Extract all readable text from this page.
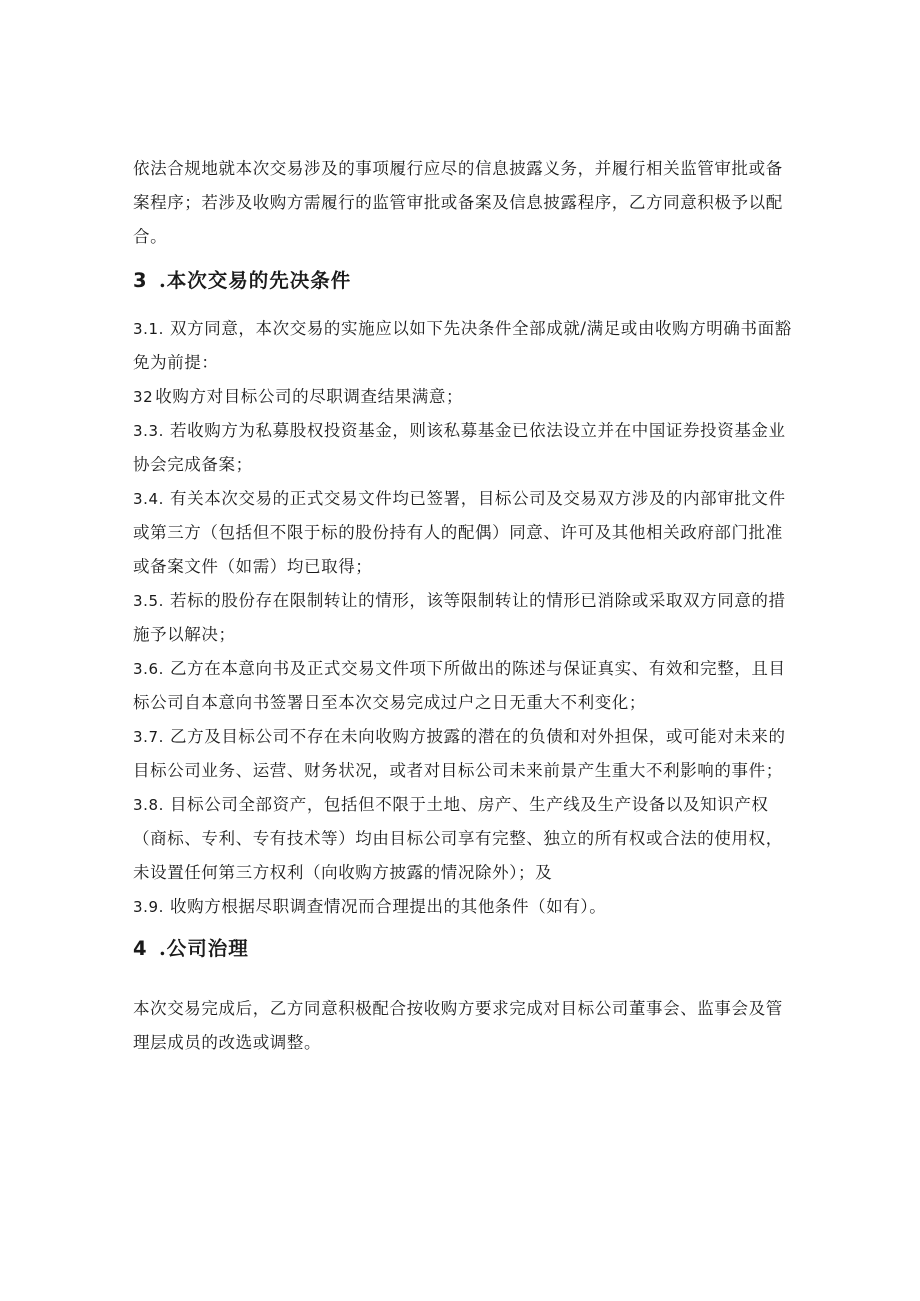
依法合规地就本次交易涉及的事项履行应尽的信息披露义务，并履行相关监管审批或备案程序；若涉及收购方需履行的监管审批或备案及信息披露程序，乙方同意积极予以配合。

3 .本次交易的先决条件

3.1. 双方同意，本次交易的实施应以如下先决条件全部成就/满足或由收购方明确书面豁免为前提：

32 收购方对目标公司的尽职调查结果满意；

3.3. 若收购方为私募股权投资基金，则该私募基金已依法设立并在中国证券投资基金业协会完成备案；

3.4. 有关本次交易的正式交易文件均已签署，目标公司及交易双方涉及的内部审批文件或第三方（包括但不限于标的股份持有人的配偶）同意、许可及其他相关政府部门批准或备案文件（如需）均已取得；

3.5. 若标的股份存在限制转让的情形，该等限制转让的情形已消除或采取双方同意的措施予以解决；

3.6. 乙方在本意向书及正式交易文件项下所做出的陈述与保证真实、有效和完整，且目标公司自本意向书签署日至本次交易完成过户之日无重大不利变化；

3.7. 乙方及目标公司不存在未向收购方披露的潜在的负债和对外担保，或可能对未来的目标公司业务、运营、财务状况，或者对目标公司未来前景产生重大不利影响的事件；

3.8. 目标公司全部资产，包括但不限于土地、房产、生产线及生产设备以及知识产权（商标、专利、专有技术等）均由目标公司享有完整、独立的所有权或合法的使用权，未设置任何第三方权利（向收购方披露的情况除外）；及

3.9. 收购方根据尽职调查情况而合理提出的其他条件（如有）。

4 .公司治理

本次交易完成后，乙方同意积极配合按收购方要求完成对目标公司董事会、监事会及管理层成员的改选或调整。
